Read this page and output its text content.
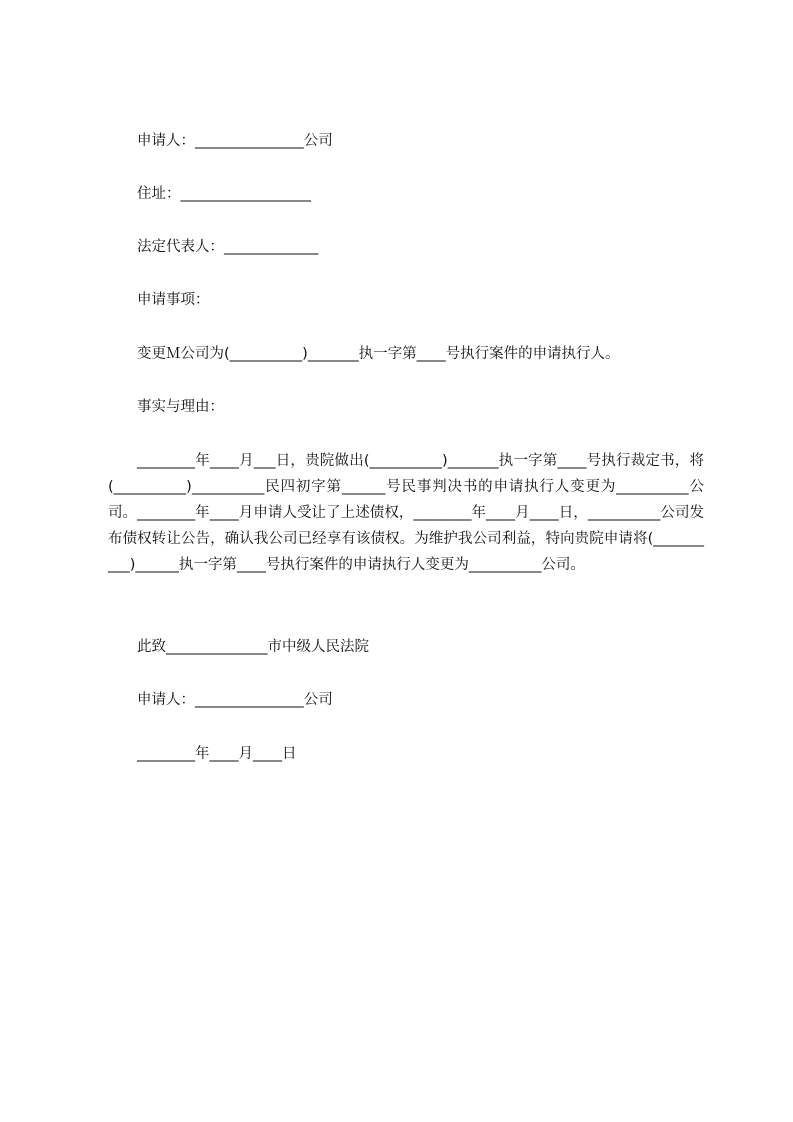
申请人：_______________公司
住址：__________________
法定代表人：_____________
申请事项：
变更Ｍ公司为(__________)_______执一字第____号执行案件的申请执行人。
事实与理由：
________年____月___日，贵院做出(__________)_______执一字第____号执行裁定书，将(__________)__________民四初字第______号民事判决书的申请执行人变更为__________公司。________年____月申请人受让了上述债权，________年____月____日，__________公司发布债权转让公告，确认我公司已经享有该债权。为维护我公司利益，特向贵院申请将(__________)______执一字第____号执行案件的申请执行人变更为__________公司。
此致______________市中级人民法院
申请人：_______________公司
________年____月____日
